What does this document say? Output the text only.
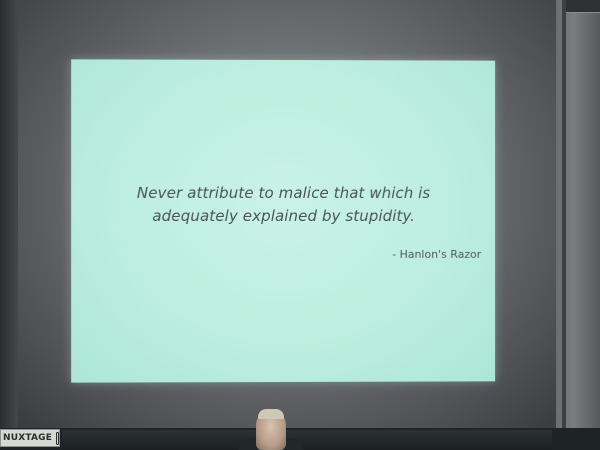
Never attribute to malice that which is
adequately explained by stupidity.
- Hanlon's Razor
NUXTAGE
